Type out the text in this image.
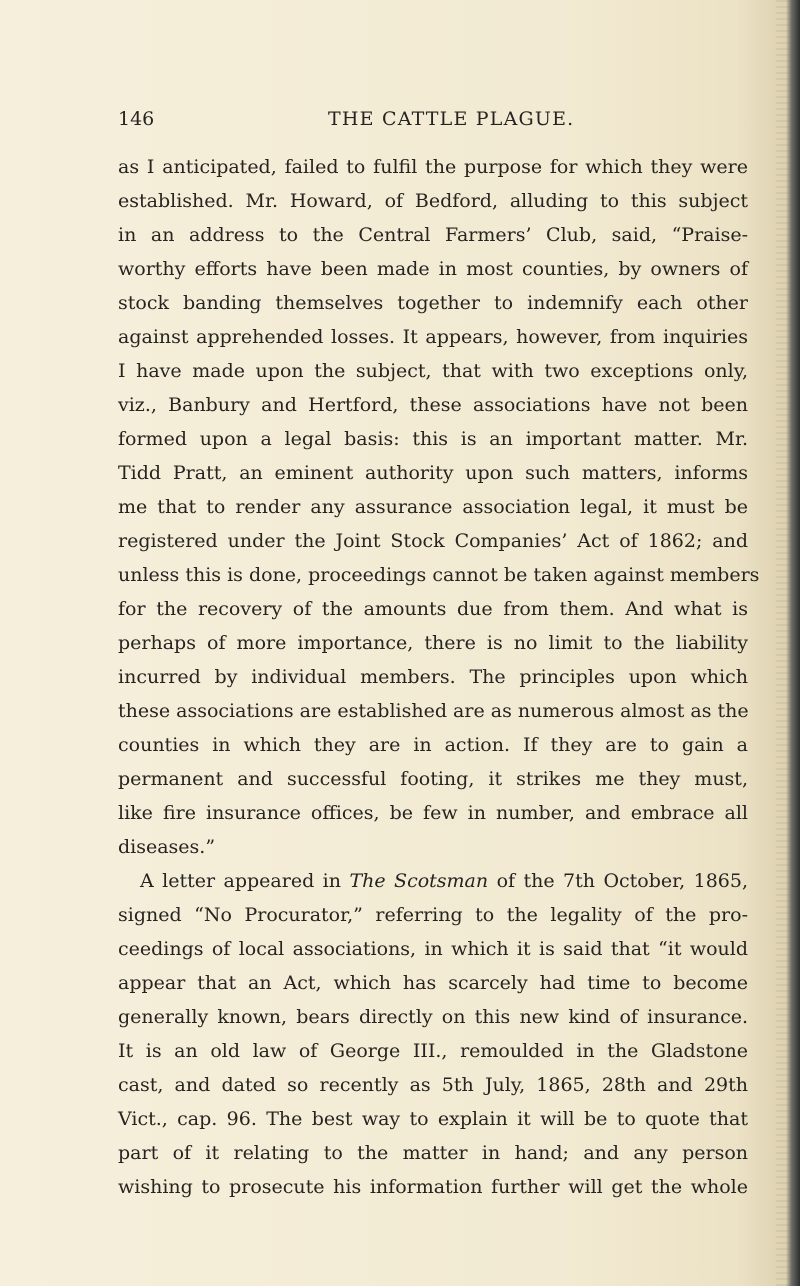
146	THE CATTLE PLAGUE.
as I anticipated, failed to fulfil the purpose for which they were
established. Mr. Howard, of Bedford, alluding to this subject
in an address to the Central Farmers’ Club, said, “Praise-
worthy efforts have been made in most counties, by owners of
stock banding themselves together to indemnify each other
against apprehended losses. It appears, however, from inquiries
I have made upon the subject, that with two exceptions only,
viz., Banbury and Hertford, these associations have not been
formed upon a legal basis: this is an important matter. Mr.
Tidd Pratt, an eminent authority upon such matters, informs
me that to render any assurance association legal, it must be
registered under the Joint Stock Companies’ Act of 1862; and
unless this is done, proceedings cannot be taken against members
for the recovery of the amounts due from them. And what is
perhaps of more importance, there is no limit to the liability
incurred by individual members. The principles upon which
these associations are established are as numerous almost as the
counties in which they are in action. If they are to gain a
permanent and successful footing, it strikes me they must,
like fire insurance offices, be few in number, and embrace all
diseases.”
A letter appeared in The Scotsman of the 7th October, 1865,
signed “No Procurator,” referring to the legality of the pro-
ceedings of local associations, in which it is said that “it would
appear that an Act, which has scarcely had time to become
generally known, bears directly on this new kind of insurance.
It is an old law of George III., remoulded in the Gladstone
cast, and dated so recently as 5th July, 1865, 28th and 29th
Vict., cap. 96. The best way to explain it will be to quote that
part of it relating to the matter in hand; and any person
wishing to prosecute his information further will get the whole
